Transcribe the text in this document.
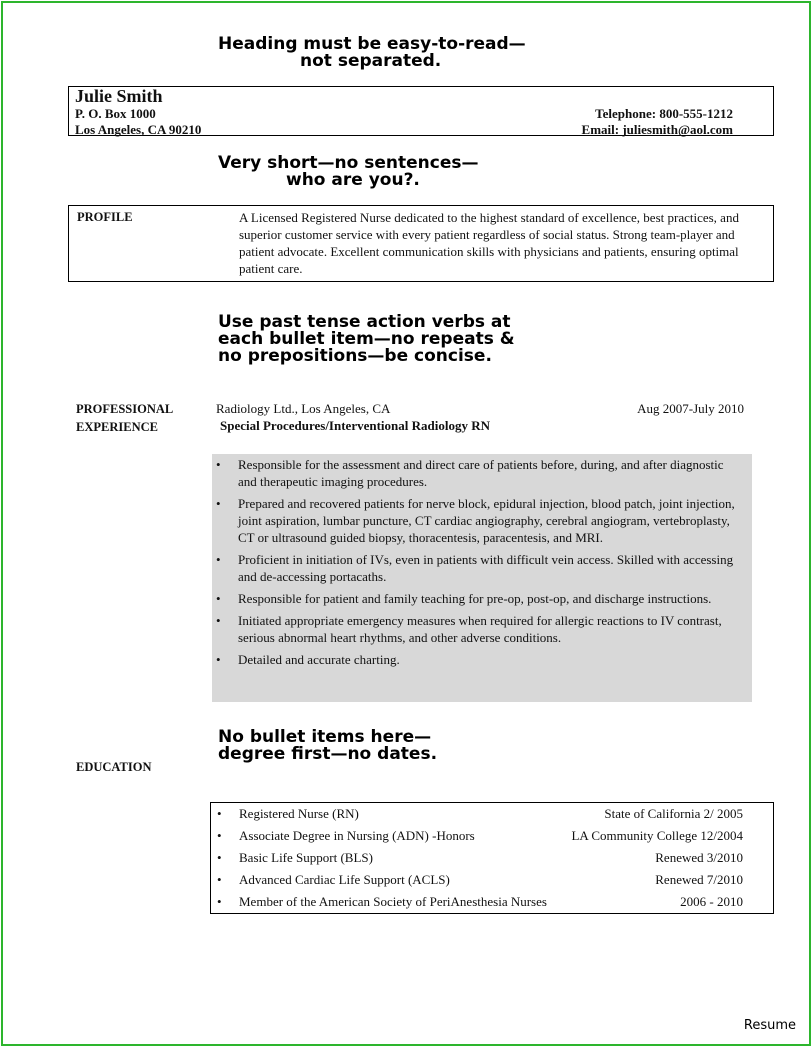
Heading must be easy-to-read—
not separated.
Julie Smith
P. O. Box 1000
Los Angeles, CA 90210
Telephone: 800-555-1212
Email: juliesmith@aol.com
Very short—no sentences—
who are you?.
PROFILE	A Licensed Registered Nurse dedicated to the highest standard of excellence, best practices, and superior customer service with every patient regardless of social status. Strong team-player and patient advocate. Excellent communication skills with physicians and patients, ensuring optimal patient care.
Use past tense action verbs at
each bullet item—no repeats &
no prepositions—be concise.
PROFESSIONAL
EXPERIENCE
Radiology Ltd., Los Angeles, CA	Aug 2007-July 2010
Special Procedures/Interventional Radiology RN
• Responsible for the assessment and direct care of patients before, during, and after diagnostic and therapeutic imaging procedures.
• Prepared and recovered patients for nerve block, epidural injection, blood patch, joint injection, joint aspiration, lumbar puncture, CT cardiac angiography, cerebral angiogram, vertebroplasty, CT or ultrasound guided biopsy, thoracentesis, paracentesis, and MRI.
• Proficient in initiation of IVs, even in patients with difficult vein access. Skilled with accessing and de-accessing portacaths.
• Responsible for patient and family teaching for pre-op, post-op, and discharge instructions.
• Initiated appropriate emergency measures when required for allergic reactions to IV contrast, serious abnormal heart rhythms, and other adverse conditions.
• Detailed and accurate charting.
No bullet items here—
degree first—no dates.
EDUCATION
• Registered Nurse (RN)	State of California 2/ 2005
• Associate Degree in Nursing (ADN) -Honors	LA Community College 12/2004
• Basic Life Support (BLS)	Renewed 3/2010
• Advanced Cardiac Life Support (ACLS)	Renewed 7/2010
• Member of the American Society of PeriAnesthesia Nurses	2006 - 2010
Resume
